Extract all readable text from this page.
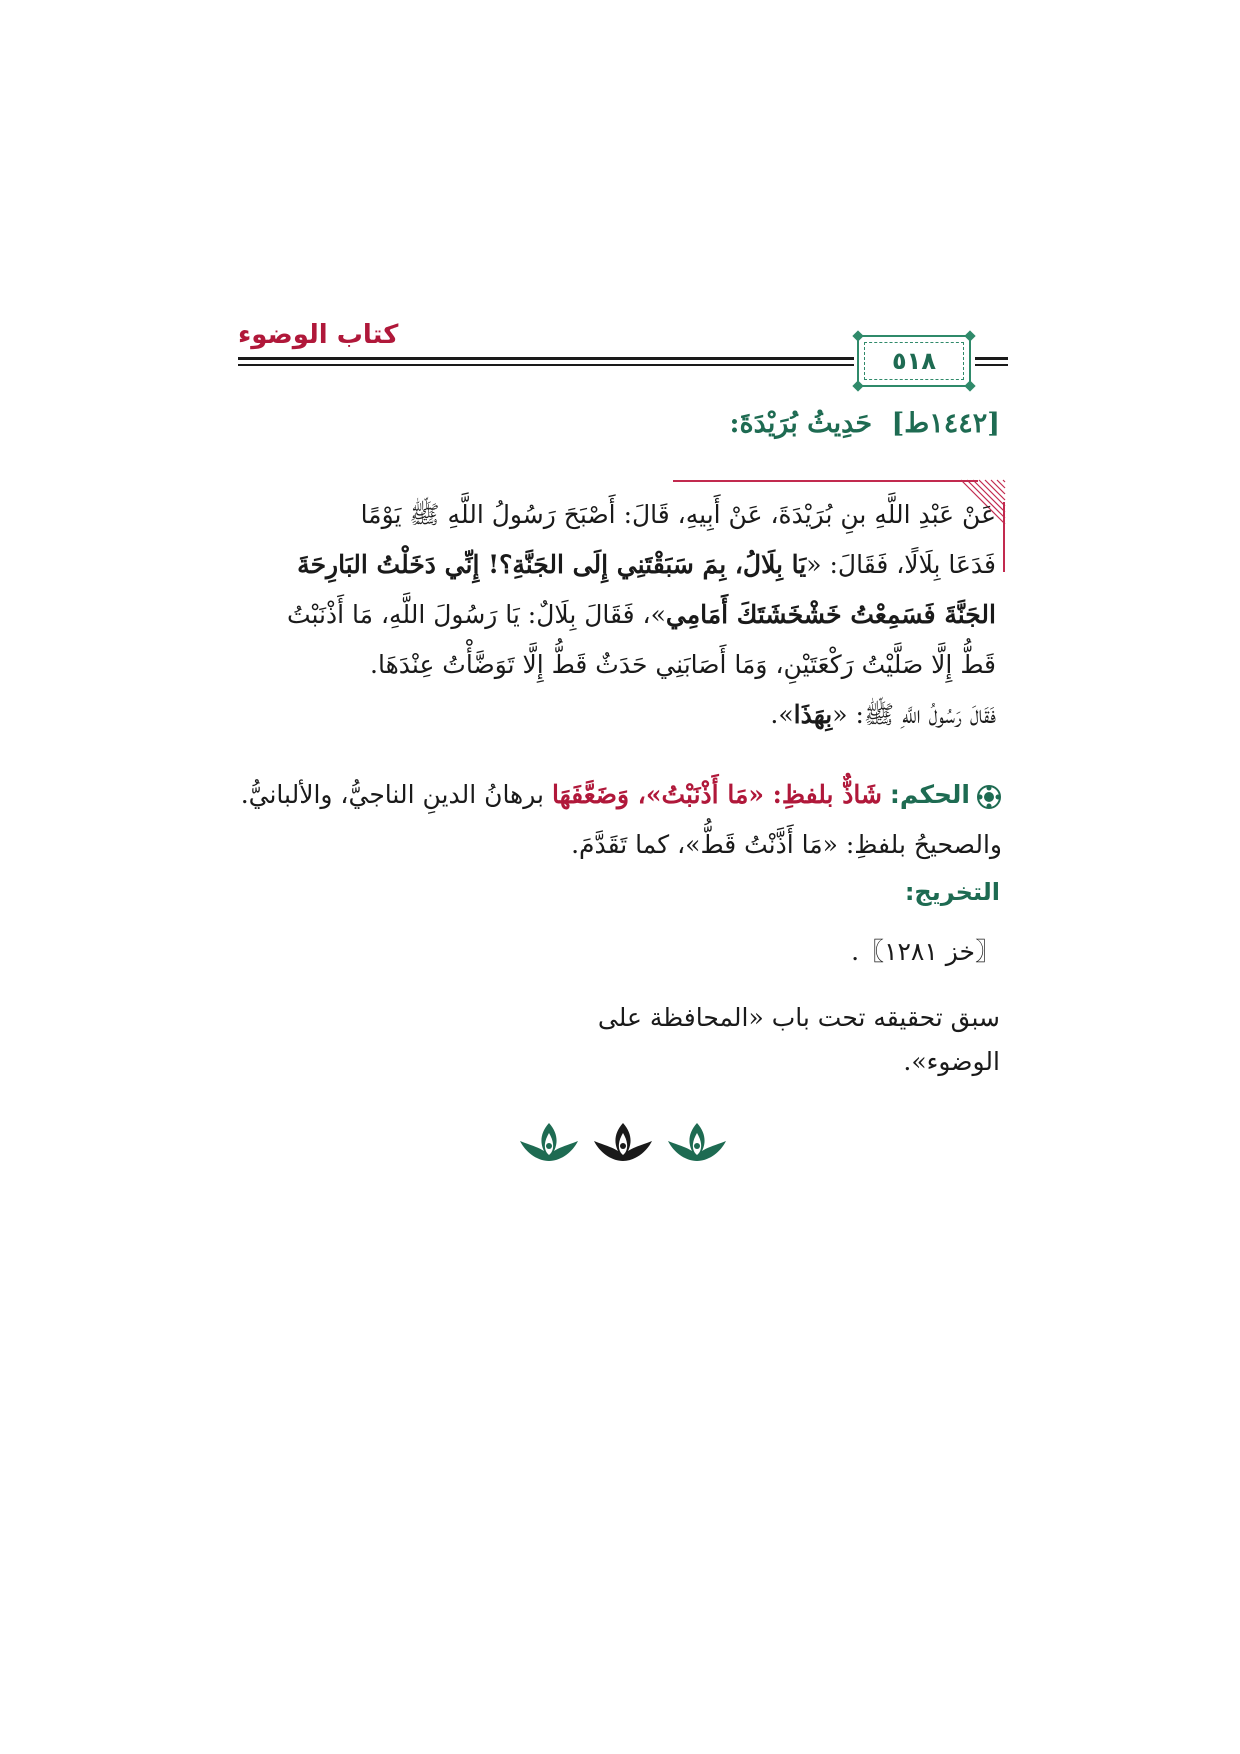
كتاب الوضوء
٥١٨
[١٤٤٢ط] حَدِيثُ بُرَيْدَةَ:
عَنْ عَبْدِ اللَّهِ بنِ بُرَيْدَةَ، عَنْ أَبِيهِ، قَالَ: أَصْبَحَ رَسُولُ اللَّهِ ﷺ يَوْمًا
فَدَعَا بِلَالًا، فَقَالَ: «يَا بِلَالُ، بِمَ سَبَقْتَنِي إِلَى الجَنَّةِ؟! إِنِّي دَخَلْتُ البَارِحَةَ
الجَنَّةَ فَسَمِعْتُ خَشْخَشَتَكَ أَمَامِي»، فَقَالَ بِلَالٌ: يَا رَسُولَ اللَّهِ، مَا أَذْنَبْتُ
قَطُّ إِلَّا صَلَّيْتُ رَكْعَتَيْنِ، وَمَا أَصَابَنِي حَدَثٌ قَطُّ إِلَّا تَوَضَّأْتُ عِنْدَهَا.
فَقَالَ رَسُولُ اللَّهِ ﷺ: «بِهَذَا».
الحكم: شَاذٌّ بلفظِ: «مَا أَذْنَبْتُ»، وَضَعَّفَهَا برهانُ الدينِ الناجيُّ، والألبانيُّ.
والصحيحُ بلفظِ: «مَا أَذَّنْتُ قَطُّ»، كما تَقَدَّمَ.
التخريج:
〖خز ١٢٨١〗.
سبق تحقيقه تحت باب «المحافظة على الوضوء».
